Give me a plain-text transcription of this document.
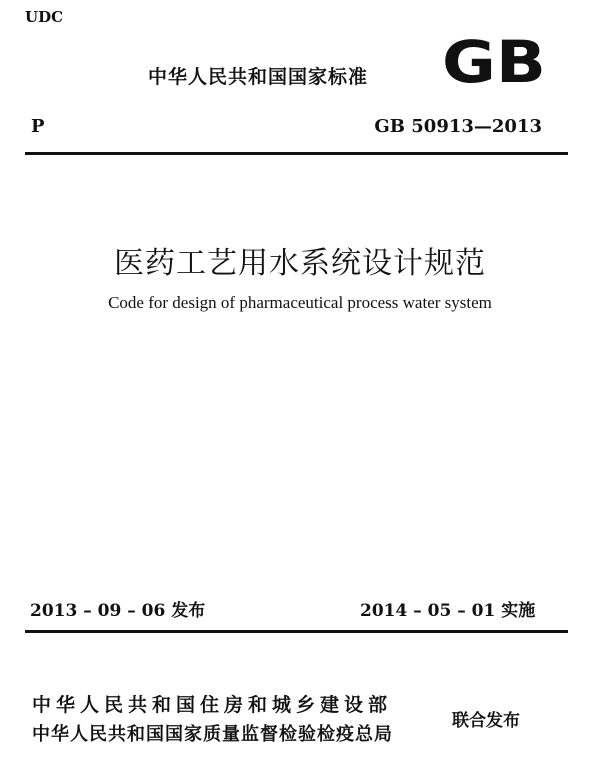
UDC
中华人民共和国国家标准 GB
P	GB 50913—2013
医药工艺用水系统设计规范
Code for design of pharmaceutical process water system
2013 – 09 – 06 发布	2014 – 05 – 01 实施
中华人民共和国住房和城乡建设部
中华人民共和国国家质量监督检验检疫总局
联合发布
